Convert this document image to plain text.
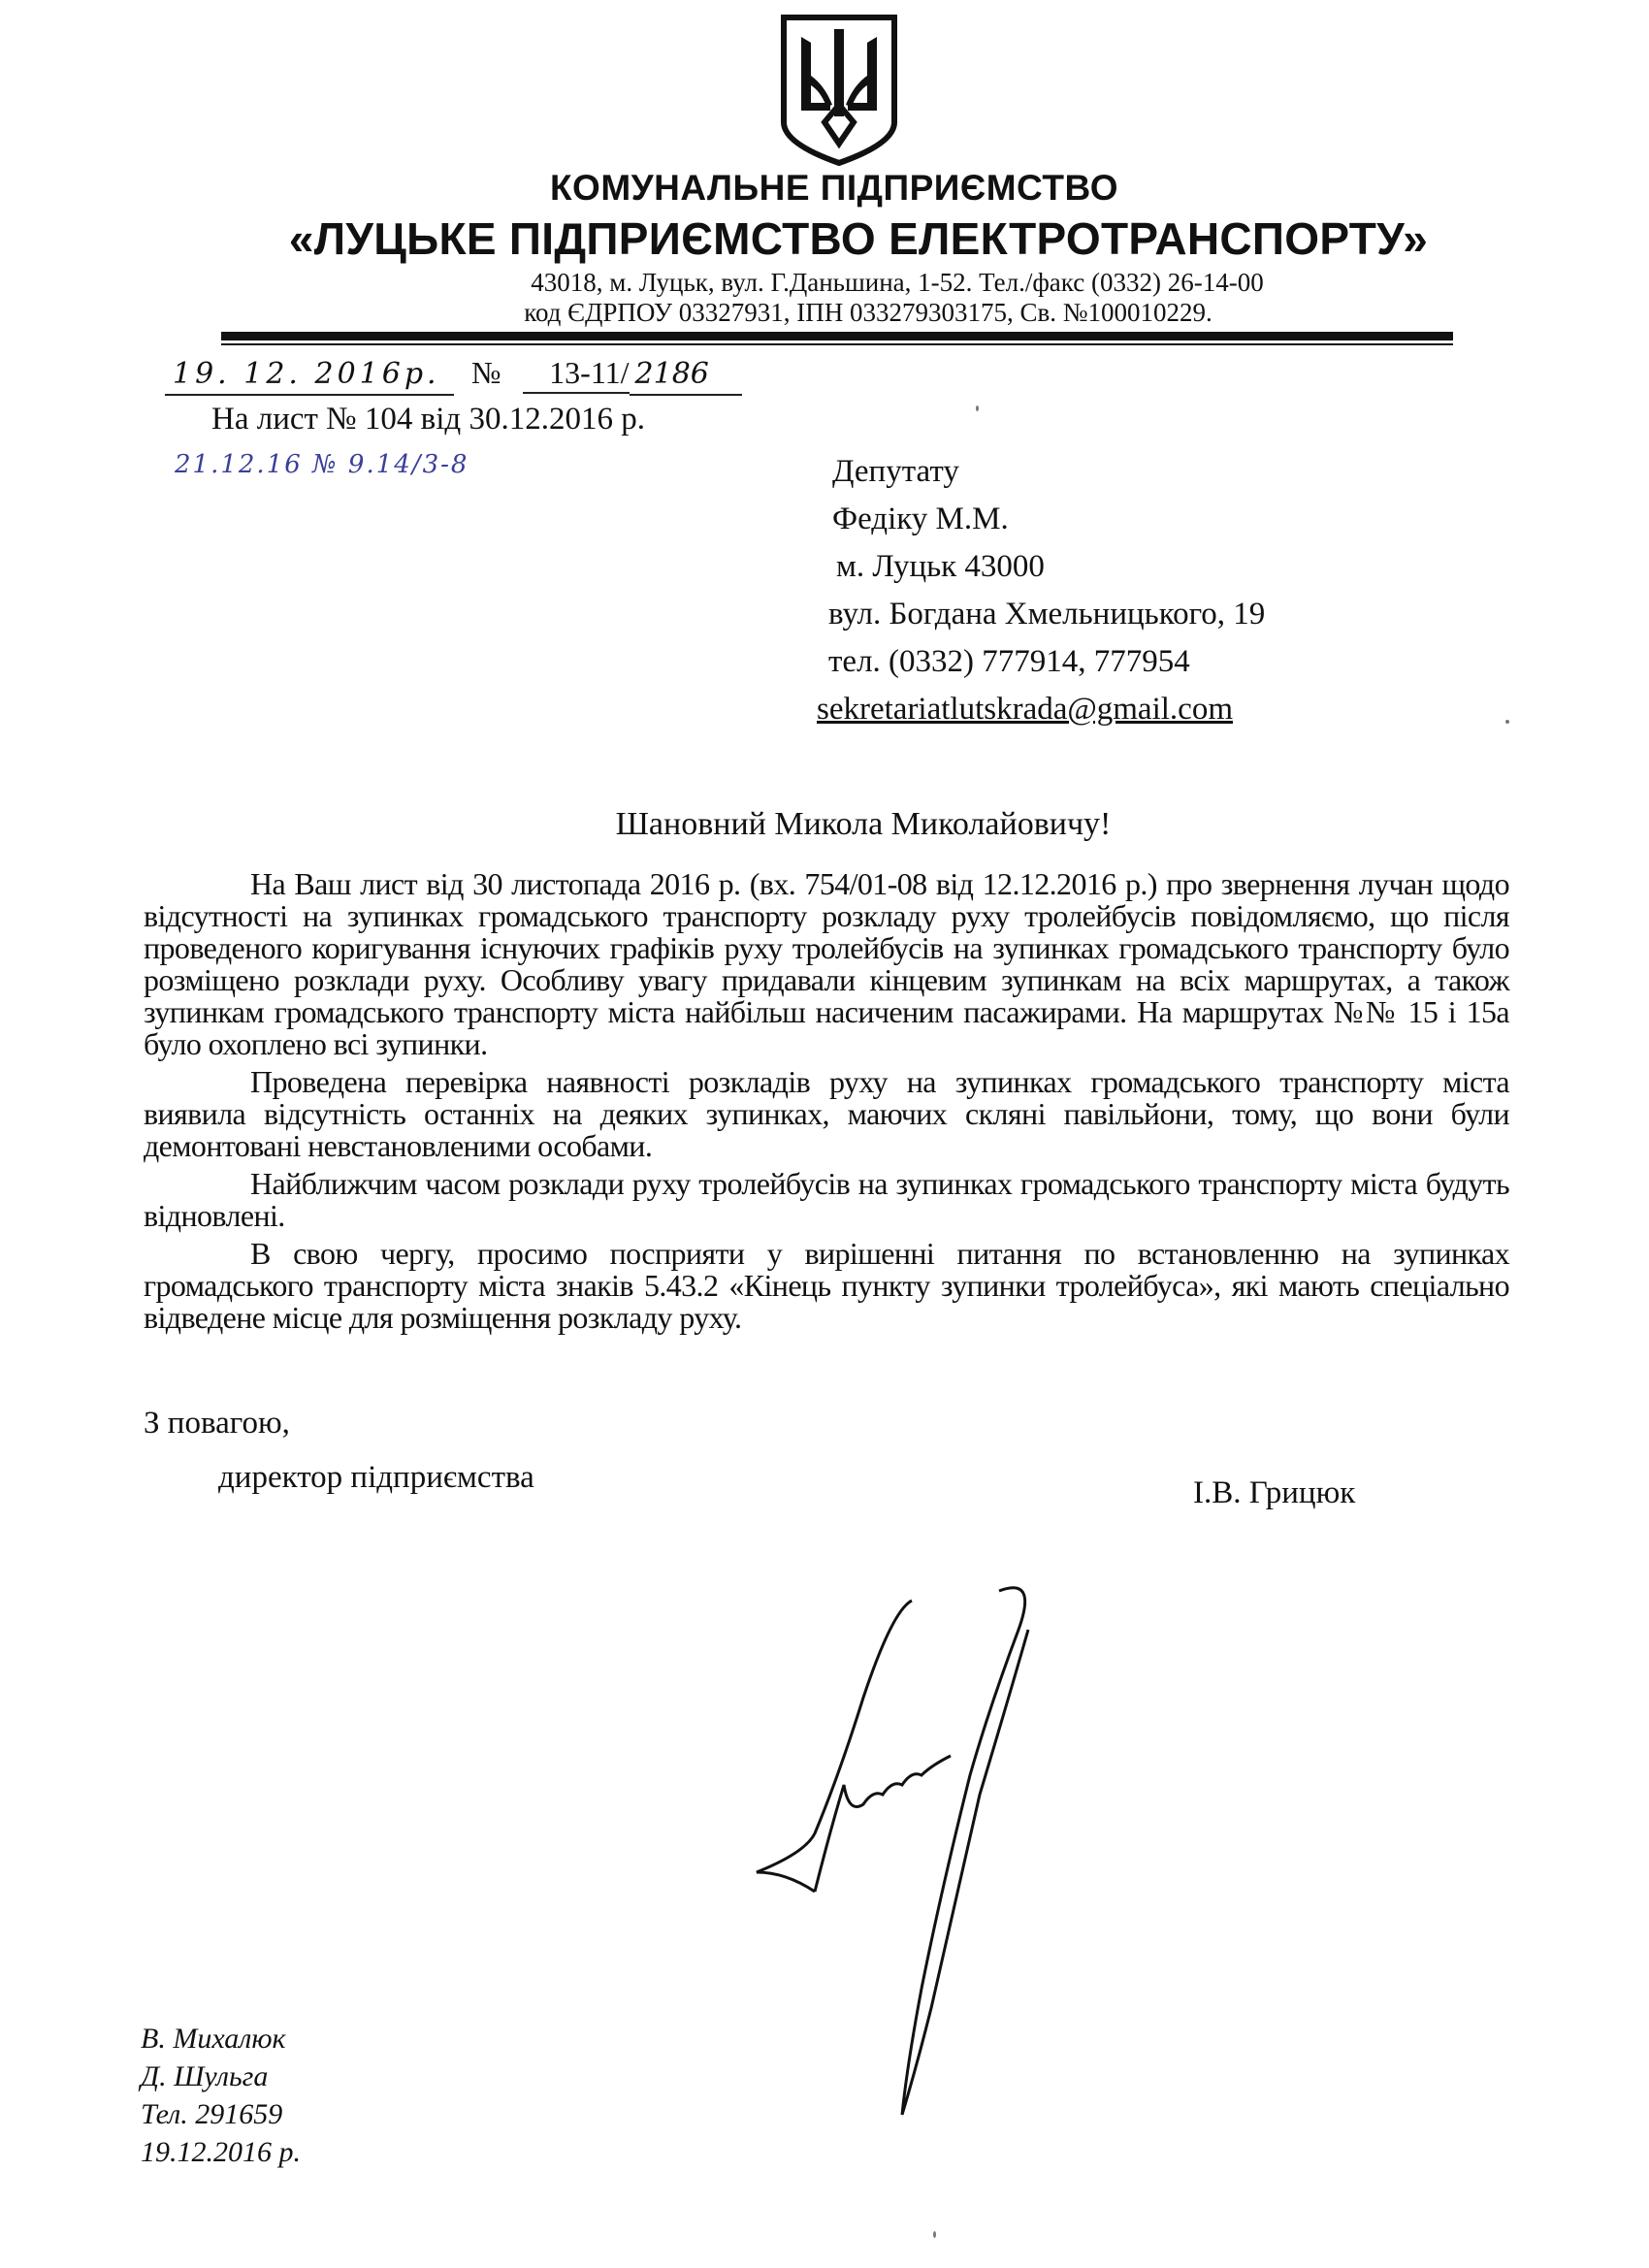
КОМУНАЛЬНЕ ПІДПРИЄМСТВО
«ЛУЦЬКЕ ПІДПРИЄМСТВО ЕЛЕКТРОТРАНСПОРТУ»
43018, м. Луцьк, вул. Г.Даньшина, 1-52. Тел./факс (0332) 26-14-00
код ЄДРПОУ 03327931, ІПН 033279303175, Св. №100010229.
19. 12. 2016р. № 13-11/ 2186
На лист № 104 від 30.12.2016 р.
21.12.16 № 9.14/3-8	Депутату
Федіку М.М.
м. Луцьк 43000
вул. Богдана Хмельницького, 19
тел. (0332) 777914, 777954
sekretariatlutskrada@gmail.com
Шановний Микола Миколайовичу!

На Ваш лист від 30 листопада 2016 р. (вх. 754/01-08 від 12.12.2016 р.) про звернення лучан щодо відсутності на зупинках громадського транспорту розкладу руху тролейбусів повідомляємо, що після проведеного коригування існуючих графіків руху тролейбусів на зупинках громадського транспорту було розміщено розклади руху. Особливу увагу придавали кінцевим зупинкам на всіх маршрутах, а також зупинкам громадського транспорту міста найбільш насиченим пасажирами. На маршрутах №№ 15 і 15а було охоплено всі зупинки.

Проведена перевірка наявності розкладів руху на зупинках громадського транспорту міста виявила відсутність останніх на деяких зупинках, маючих скляні павільйони, тому, що вони були демонтовані невстановленими особами.

Найближчим часом розклади руху тролейбусів на зупинках громадського транспорту міста будуть відновлені.

В свою чергу, просимо посприяти у вирішенні питання по встановленню на зупинках громадського транспорту міста знаків 5.43.2 «Кінець пункту зупинки тролейбуса», які мають спеціально відведене місце для розміщення розкладу руху.

З повагою,
директор підприємства	І.В. Грицюк
В. Михалюк
Д. Шульга
Тел. 291659
19.12.2016 р.
